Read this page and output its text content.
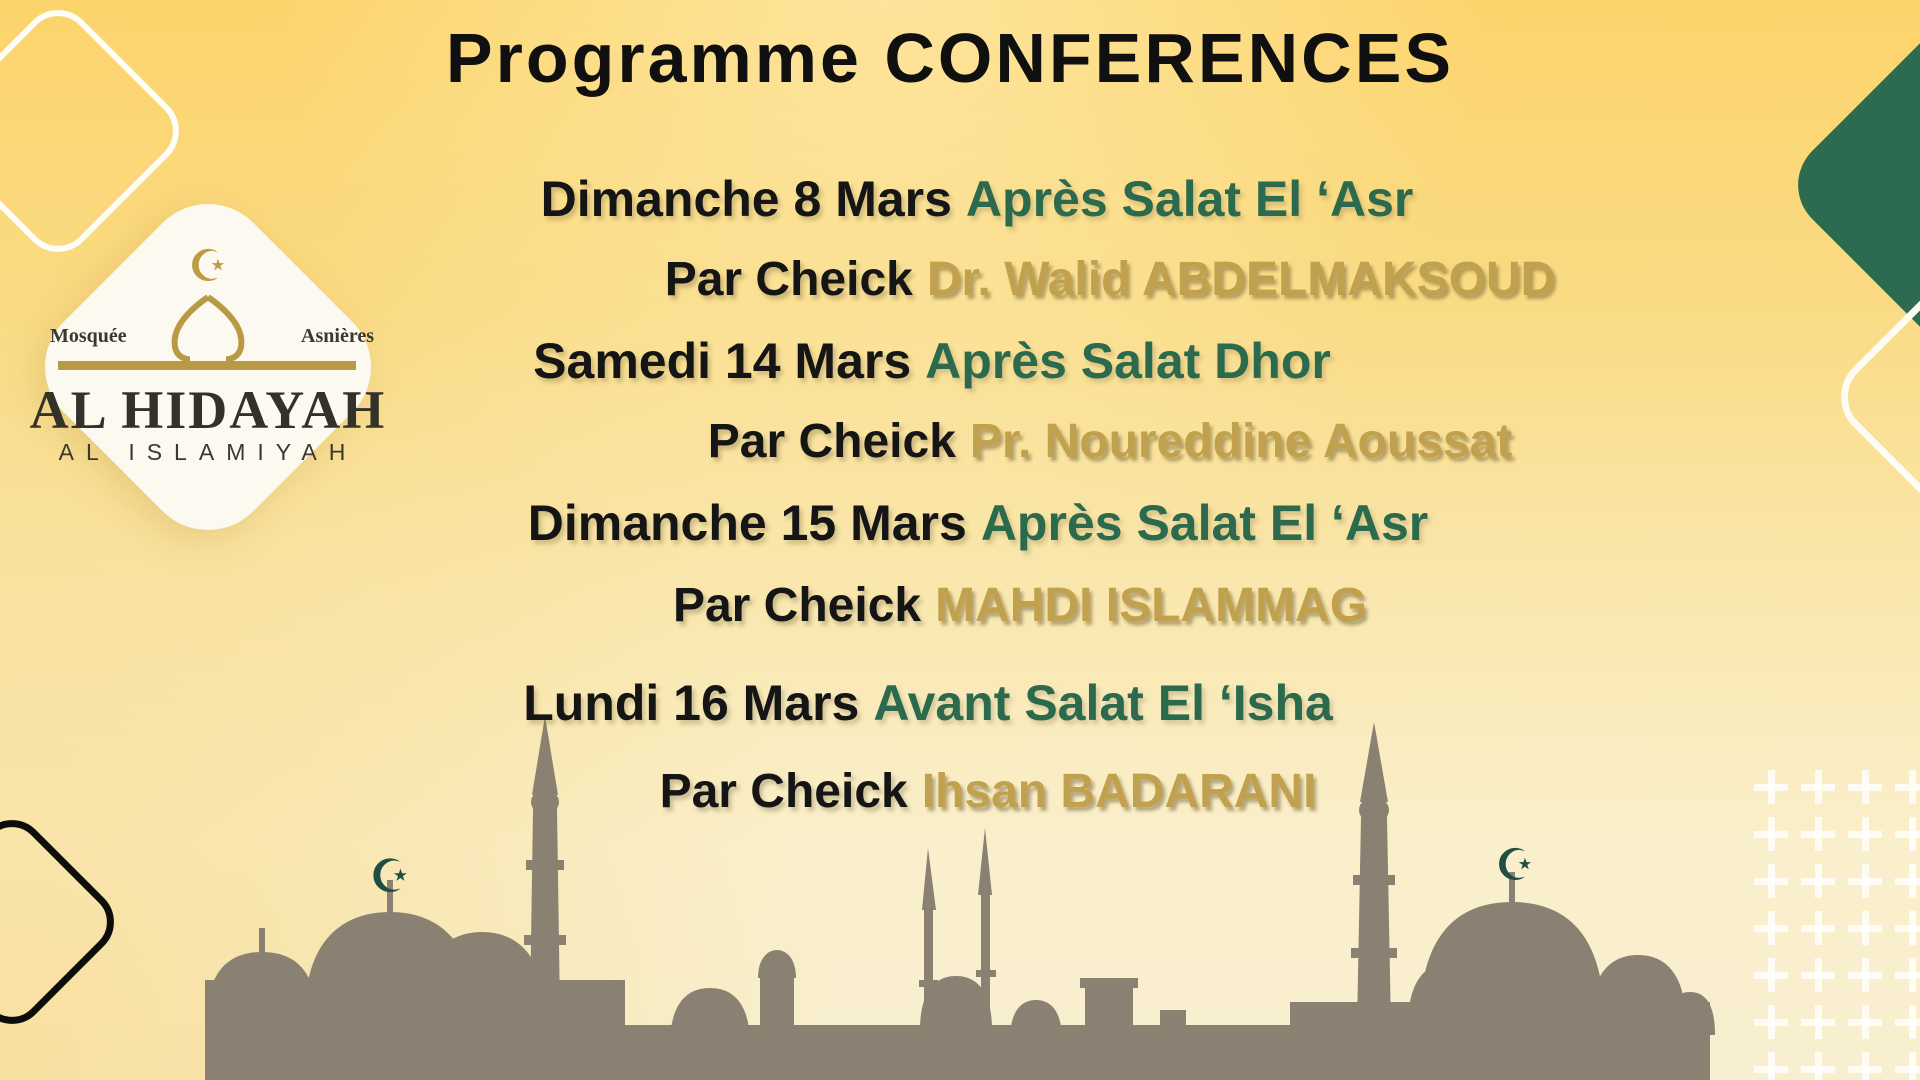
Programme CONFERENCES
☪
Mosquée	Asnières
AL HIDAYAH
AL ISLAMIYAH
☪	☪
Dimanche 8 Mars Après Salat El ‘Asr
Par Cheick Dr. Walid ABDELMAKSOUD
Samedi 14 Mars Après Salat Dhor
Par Cheick Pr. Noureddine Aoussat
Dimanche 15 Mars Après Salat El ‘Asr
Par Cheick MAHDI ISLAMMAG
Lundi 16 Mars Avant Salat El ‘Isha
Par Cheick Ihsan BADARANI
